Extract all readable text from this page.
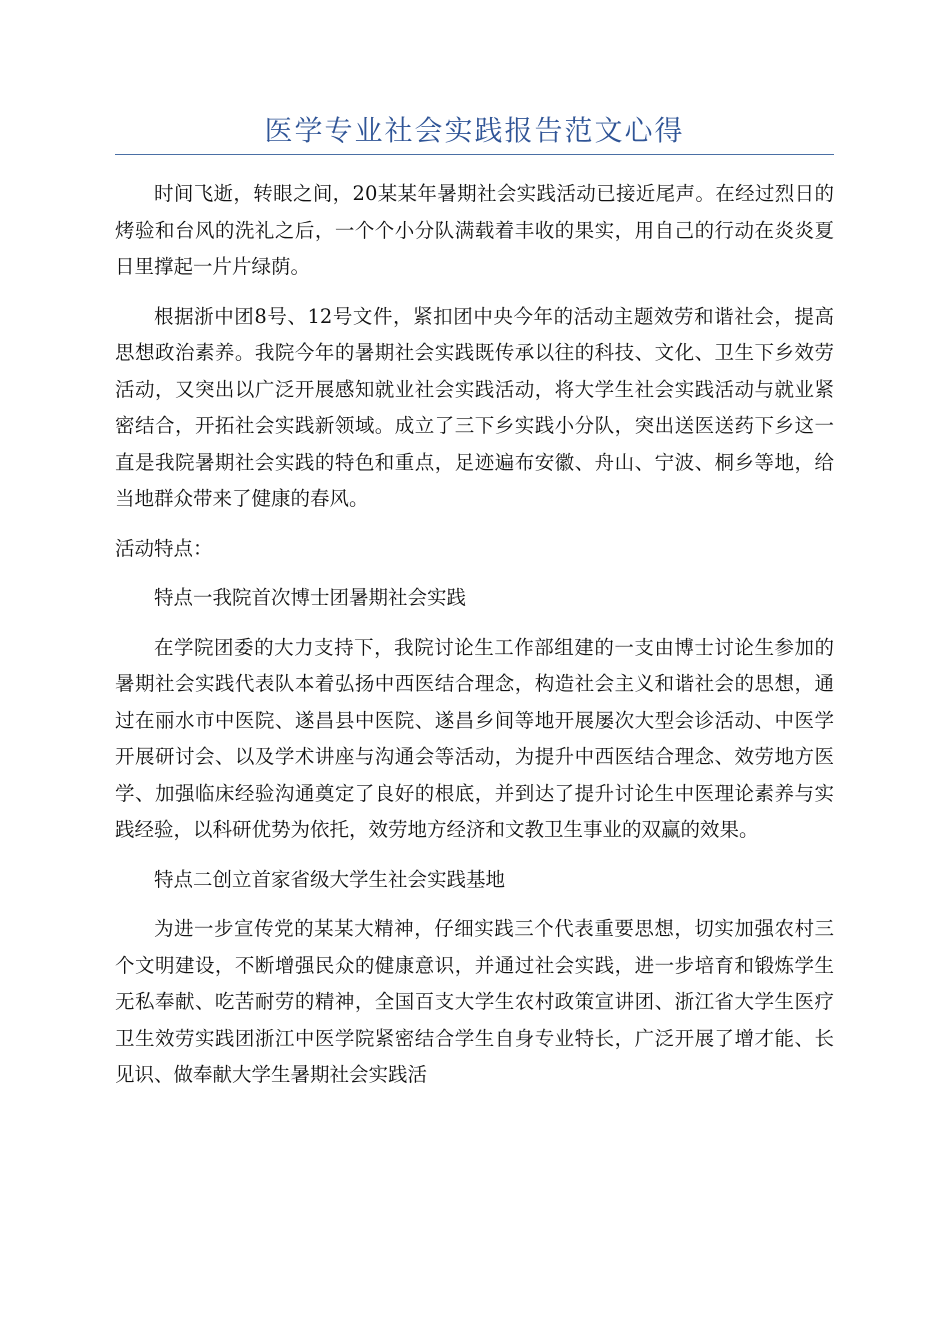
医学专业社会实践报告范文心得

时间飞逝，转眼之间，20某某年暑期社会实践活动已接近尾声。在经过烈日的烤验和台风的洗礼之后，一个个小分队满载着丰收的果实，用自己的行动在炎炎夏日里撑起一片片绿荫。

根据浙中团8号、12号文件，紧扣团中央今年的活动主题效劳和谐社会，提高思想政治素养。我院今年的暑期社会实践既传承以往的科技、文化、卫生下乡效劳活动，又突出以广泛开展感知就业社会实践活动，将大学生社会实践活动与就业紧密结合，开拓社会实践新领域。成立了三下乡实践小分队，突出送医送药下乡这一直是我院暑期社会实践的特色和重点，足迹遍布安徽、舟山、宁波、桐乡等地，给当地群众带来了健康的春风。

活动特点：

特点一我院首次博士团暑期社会实践

在学院团委的大力支持下，我院讨论生工作部组建的一支由博士讨论生参加的暑期社会实践代表队本着弘扬中西医结合理念，构造社会主义和谐社会的思想，通过在丽水市中医院、遂昌县中医院、遂昌乡间等地开展屡次大型会诊活动、中医学开展研讨会、以及学术讲座与沟通会等活动，为提升中西医结合理念、效劳地方医学、加强临床经验沟通奠定了良好的根底，并到达了提升讨论生中医理论素养与实践经验，以科研优势为依托，效劳地方经济和文教卫生事业的双赢的效果。

特点二创立首家省级大学生社会实践基地

为进一步宣传党的某某大精神，仔细实践三个代表重要思想，切实加强农村三个文明建设，不断增强民众的健康意识，并通过社会实践，进一步培育和锻炼学生无私奉献、吃苦耐劳的精神，全国百支大学生农村政策宣讲团、浙江省大学生医疗卫生效劳实践团浙江中医学院紧密结合学生自身专业特长，广泛开展了增才能、长见识、做奉献大学生暑期社会实践活
